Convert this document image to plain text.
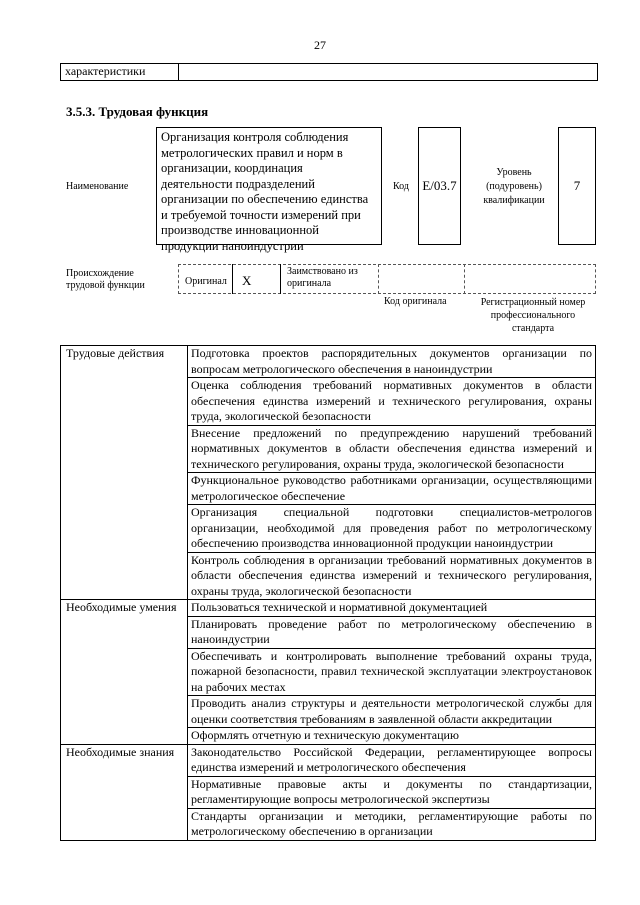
27
характеристики
3.5.3. Трудовая функция
Наименование
Организация контроля соблюдения метрологических правил и норм в организации, координация деятельности подразделений организации по обеспечению единства и требуемой точности измерений при производстве инновационной продукции наноиндустрии
Код	E/03.7
Уровень (подуровень) квалификации
7
Происхождение трудовой функции	Оригинал X
Заимствовано из оригинала
Код оригинала	Регистрационный номер профессионального стандарта
Трудовые действия	Подготовка проектов распорядительных документов организации по вопросам метрологического обеспечения в наноиндустрии
	Оценка соблюдения требований нормативных документов в области обеспечения единства измерений и технического регулирования, охраны труда, экологической безопасности
	Внесение предложений по предупреждению нарушений требований нормативных документов в области обеспечения единства измерений и технического регулирования, охраны труда, экологической безопасности
	Функциональное руководство работниками организации, осуществляющими метрологическое обеспечение
	Организация специальной подготовки специалистов-метрологов организации, необходимой для проведения работ по метрологическому обеспечению производства инновационной продукции наноиндустрии
	Контроль соблюдения в организации требований нормативных документов в области обеспечения единства измерений и технического регулирования, охраны труда, экологической безопасности
Необходимые умения	Пользоваться технической и нормативной документацией
	Планировать проведение работ по метрологическому обеспечению в наноиндустрии
	Обеспечивать и контролировать выполнение требований охраны труда, пожарной безопасности, правил технической эксплуатации электроустановок на рабочих местах
	Проводить анализ структуры и деятельности метрологической службы для оценки соответствия требованиям в заявленной области аккредитации
	Оформлять отчетную и техническую документацию
Необходимые знания	Законодательство Российской Федерации, регламентирующее вопросы единства измерений и метрологического обеспечения
	Нормативные правовые акты и документы по стандартизации, регламентирующие вопросы метрологической экспертизы
	Стандарты организации и методики, регламентирующие работы по метрологическому обеспечению в организации
